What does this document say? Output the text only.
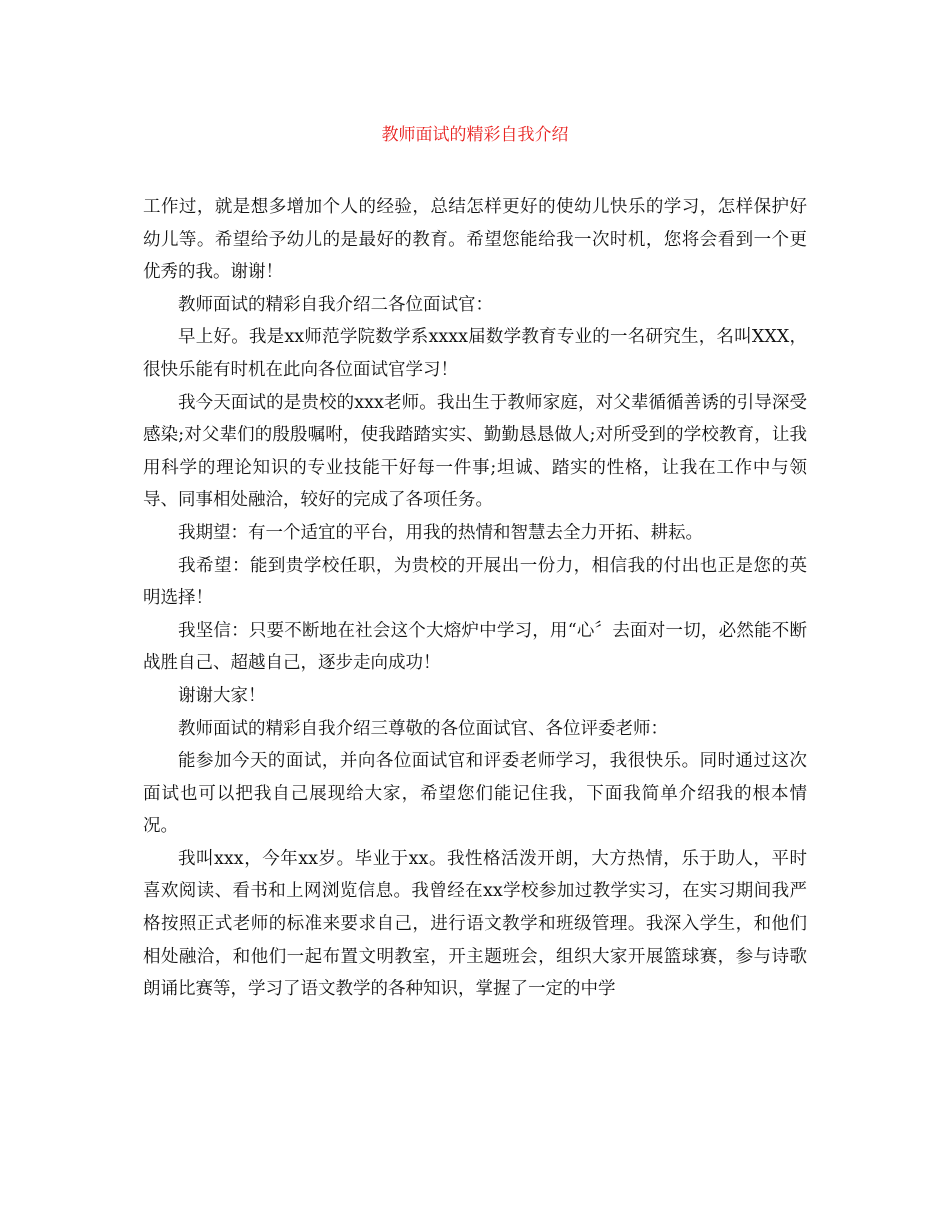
教师面试的精彩自我介绍

工作过，就是想多增加个人的经验，总结怎样更好的使幼儿快乐的学习，怎样保护好幼儿等。希望给予幼儿的是最好的教育。希望您能给我一次时机，您将会看到一个更优秀的我。谢谢！

教师面试的精彩自我介绍二各位面试官：

早上好。我是xx师范学院数学系xxxx届数学教育专业的一名研究生，名叫XXX，很快乐能有时机在此向各位面试官学习！

我今天面试的是贵校的xxx老师。我出生于教师家庭，对父辈循循善诱的引导深受感染;对父辈们的殷殷嘱咐，使我踏踏实实、勤勤恳恳做人;对所受到的学校教育，让我用科学的理论知识的专业技能干好每一件事;坦诚、踏实的性格，让我在工作中与领导、同事相处融洽，较好的完成了各项任务。

我期望：有一个适宜的平台，用我的热情和智慧去全力开拓、耕耘。

我希望：能到贵学校任职，为贵校的开展出一份力，相信我的付出也正是您的英明选择！

我坚信：只要不断地在社会这个大熔炉中学习，用“心〞去面对一切，必然能不断战胜自己、超越自己，逐步走向成功！

谢谢大家！

教师面试的精彩自我介绍三尊敬的各位面试官、各位评委老师：

能参加今天的面试，并向各位面试官和评委老师学习，我很快乐。同时通过这次面试也可以把我自己展现给大家，希望您们能记住我，下面我简单介绍我的根本情况。

我叫xxx，今年xx岁。毕业于xx。我性格活泼开朗，大方热情，乐于助人，平时喜欢阅读、看书和上网浏览信息。我曾经在xx学校参加过教学实习，在实习期间我严格按照正式老师的标准来要求自己，进行语文教学和班级管理。我深入学生，和他们相处融洽，和他们一起布置文明教室，开主题班会，组织大家开展篮球赛，参与诗歌朗诵比赛等，学习了语文教学的各种知识，掌握了一定的中学
